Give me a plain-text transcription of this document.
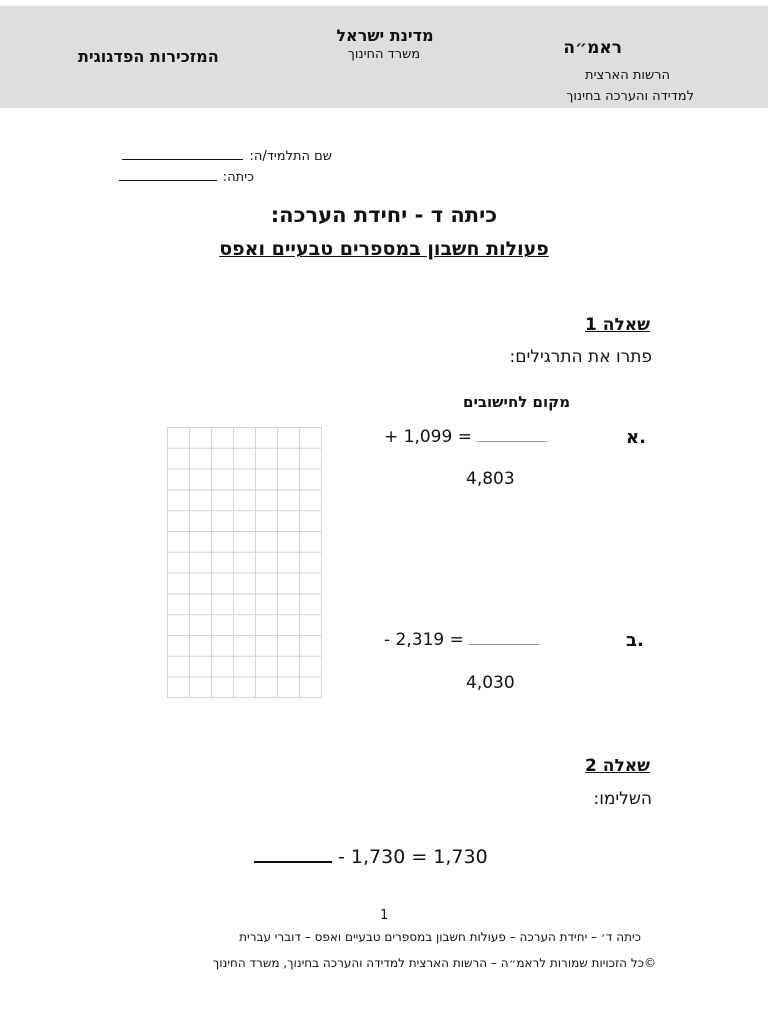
ראמ״ה
הרשות הארצית
למדידה והערכה בחינוך
מדינת ישראל
משרד החינוך
המזכירות הפדגוגית
שם התלמיד/ה:
כיתה:
כיתה ד - יחידת הערכה:
פעולות חשבון במספרים טבעיים ואפס
שאלה 1
פתרו את התרגילים:
מקום לחישובים
א.
+ 1,099 =
4,803
ב.
- 2,319 =
4,030
שאלה 2
השלימו:
- 1,730 = 1,730
1
כיתה ד׳ – יחידת הערכה – פעולות חשבון במספרים טבעיים ואפס – דוברי עברית
©כל הזכויות שמורות לראמ״ה – הרשות הארצית למדידה והערכה בחינוך, משרד החינוך
